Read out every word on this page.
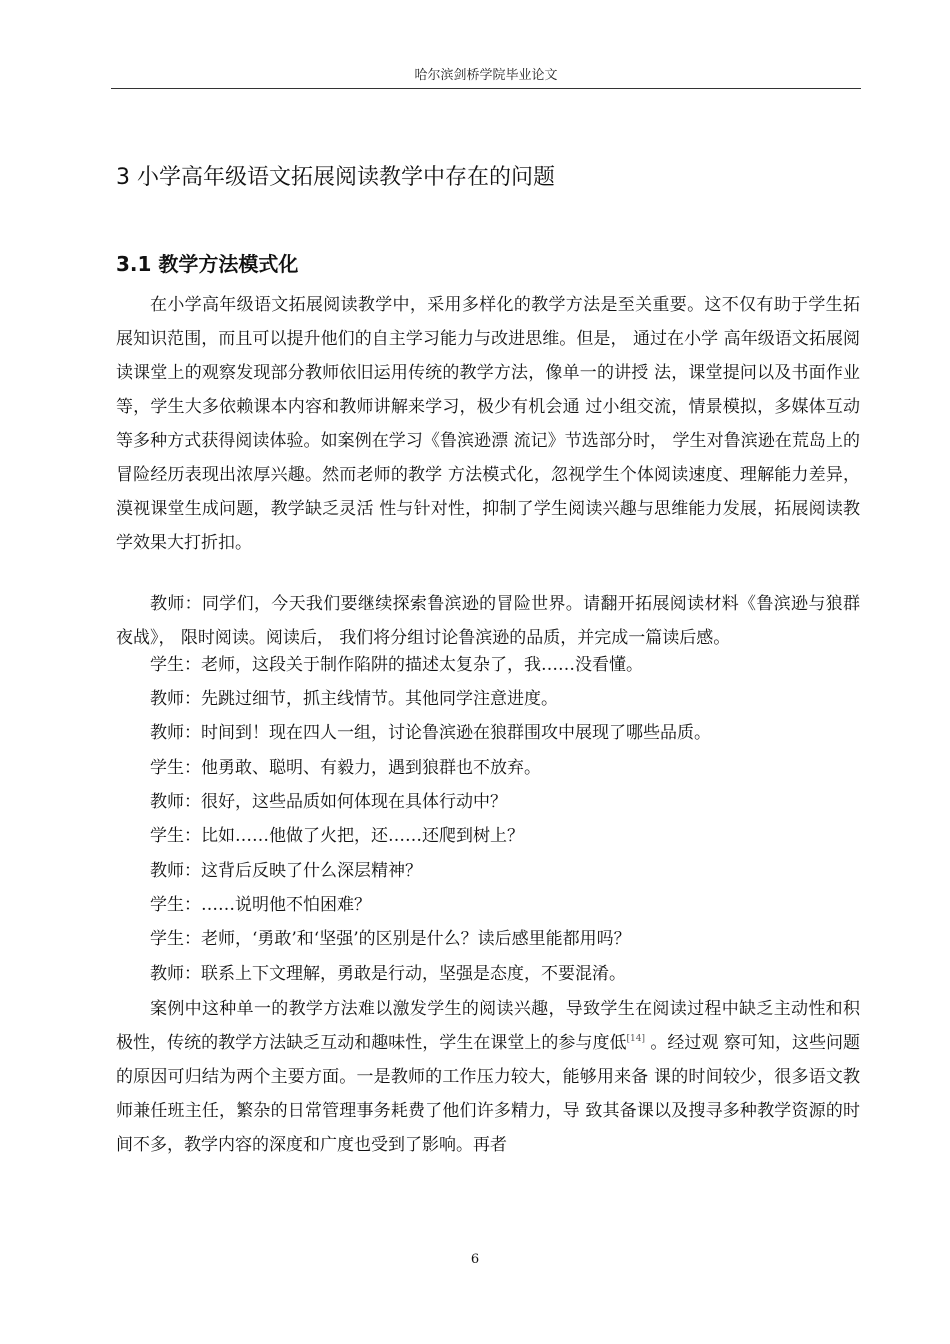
哈尔滨剑桥学院毕业论文
3 小学高年级语文拓展阅读教学中存在的问题
3.1 教学方法模式化

在小学高年级语文拓展阅读教学中，采用多样化的教学方法是至关重要。这不仅有助于学生拓展知识范围，而且可以提升他们的自主学习能力与改进思维。但是， 通过在小学 高年级语文拓展阅读课堂上的观察发现部分教师依旧运用传统的教学方法，像单一的讲授 法，课堂提问以及书面作业等，学生大多依赖课本内容和教师讲解来学习，极少有机会通 过小组交流，情景模拟，多媒体互动等多种方式获得阅读体验。如案例在学习《鲁滨逊漂 流记》节选部分时， 学生对鲁滨逊在荒岛上的冒险经历表现出浓厚兴趣。然而老师的教学 方法模式化，忽视学生个体阅读速度、理解能力差异， 漠视课堂生成问题，教学缺乏灵活 性与针对性，抑制了学生阅读兴趣与思维能力发展，拓展阅读教学效果大打折扣。

教师：同学们，今天我们要继续探索鲁滨逊的冒险世界。请翻开拓展阅读材料《鲁滨逊与狼群夜战》， 限时阅读。阅读后， 我们将分组讨论鲁滨逊的品质，并完成一篇读后感。

学生：老师，这段关于制作陷阱的描述太复杂了，我……没看懂。

教师：先跳过细节，抓主线情节。其他同学注意进度。

教师：时间到！现在四人一组，讨论鲁滨逊在狼群围攻中展现了哪些品质。

学生：他勇敢、聪明、有毅力，遇到狼群也不放弃。

教师：很好，这些品质如何体现在具体行动中？

学生：比如……他做了火把，还……还爬到树上？

教师：这背后反映了什么深层精神？

学生：……说明他不怕困难？

学生：老师，‘勇敢’和‘坚强’的区别是什么？读后感里能都用吗？

教师：联系上下文理解，勇敢是行动，坚强是态度，不要混淆。

案例中这种单一的教学方法难以激发学生的阅读兴趣，导致学生在阅读过程中缺乏主动性和积极性，传统的教学方法缺乏互动和趣味性，学生在课堂上的参与度低[14] 。经过观 察可知，这些问题的原因可归结为两个主要方面。一是教师的工作压力较大，能够用来备 课的时间较少，很多语文教师兼任班主任，繁杂的日常管理事务耗费了他们许多精力，导 致其备课以及搜寻多种教学资源的时间不多，教学内容的深度和广度也受到了影响。再者

6
